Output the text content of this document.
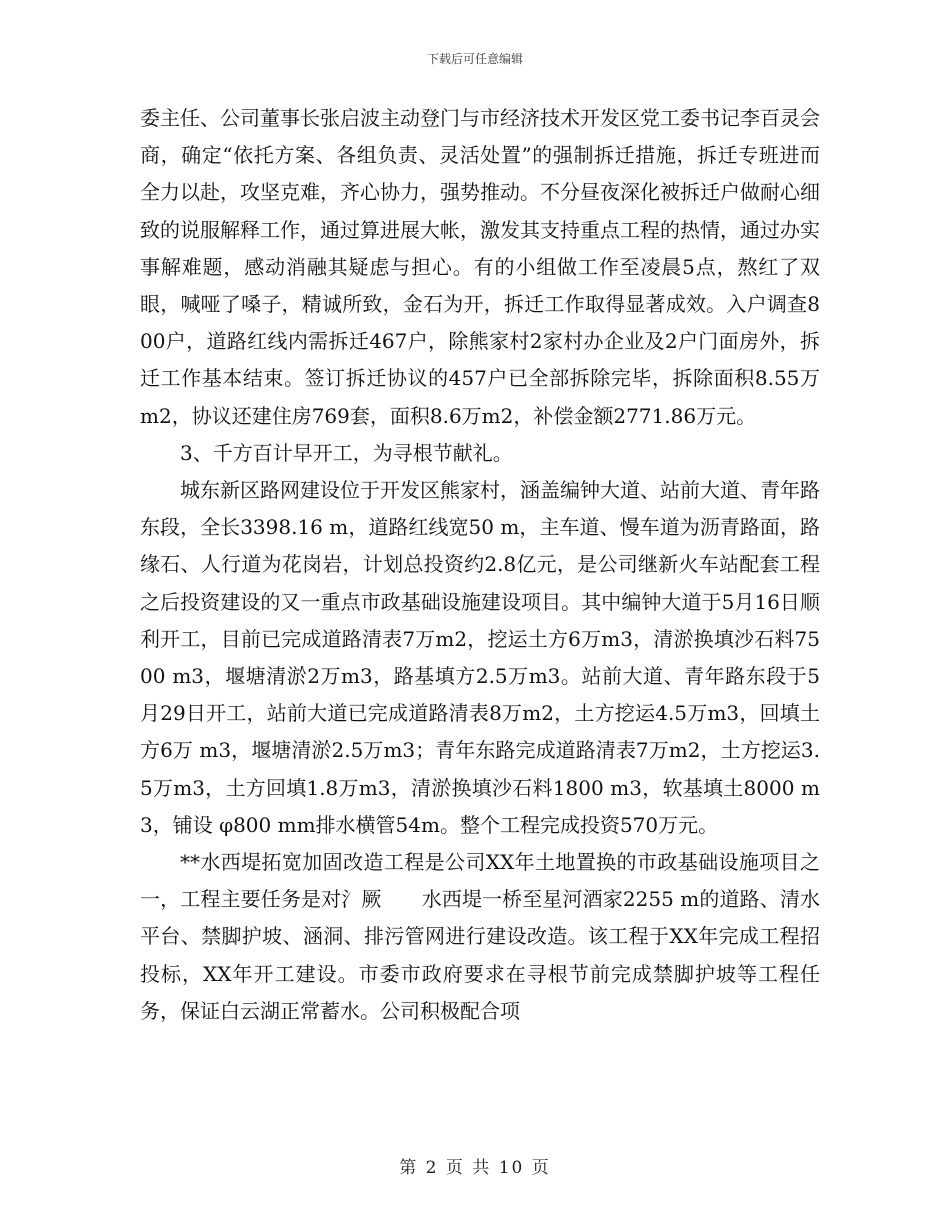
下载后可任意编辑

委主任、公司董事长张启波主动登门与市经济技术开发区党工委书记李百灵会商，确定“依托方案、各组负责、灵活处置”的强制拆迁措施，拆迁专班进而全力以赴，攻坚克难，齐心协力，强势推动。不分昼夜深化被拆迁户做耐心细致的说服解释工作，通过算进展大帐，激发其支持重点工程的热情，通过办实事解难题，感动消融其疑虑与担心。有的小组做工作至凌晨5点，熬红了双眼，喊哑了嗓子，精诚所致，金石为开，拆迁工作取得显著成效。入户调查800户，道路红线内需拆迁467户，除熊家村2家村办企业及2户门面房外，拆迁工作基本结束。签订拆迁协议的457户已全部拆除完毕，拆除面积8.55万m2，协议还建住房769套，面积8.6万m2，补偿金额2771.86万元。

3、千方百计早开工，为寻根节献礼。

城东新区路网建设位于开发区熊家村，涵盖编钟大道、站前大道、青年路东段，全长3398.16 m，道路红线宽50 m，主车道、慢车道为沥青路面，路缘石、人行道为花岗岩，计划总投资约2.8亿元，是公司继新火车站配套工程之后投资建设的又一重点市政基础设施建设项目。其中编钟大道于5月16日顺利开工，目前已完成道路清表7万m2，挖运土方6万m3，清淤换填沙石料7500 m3，堰塘清淤2万m3，路基填方2.5万m3。站前大道、青年路东段于5月29日开工，站前大道已完成道路清表8万m2，土方挖运4.5万m3，回填土方6万 m3，堰塘清淤2.5万m3；青年东路完成道路清表7万m2，土方挖运3.5万m3，土方回填1.8万m3，清淤换填沙石料1800 m3，软基填土8000 m3，铺设 φ800 mm排水横管54m。整个工程完成投资570万元。

**水西堤拓宽加固改造工程是公司XX年土地置换的市政基础设施项目之一，工程主要任务是对氵厥　　水西堤一桥至星河酒家2255 m的道路、清水平台、禁脚护坡、涵洞、排污管网进行建设改造。该工程于XX年完成工程招投标，XX年开工建设。市委市政府要求在寻根节前完成禁脚护坡等工程任务，保证白云湖正常蓄水。公司积极配合项

第 2 页 共 10 页
